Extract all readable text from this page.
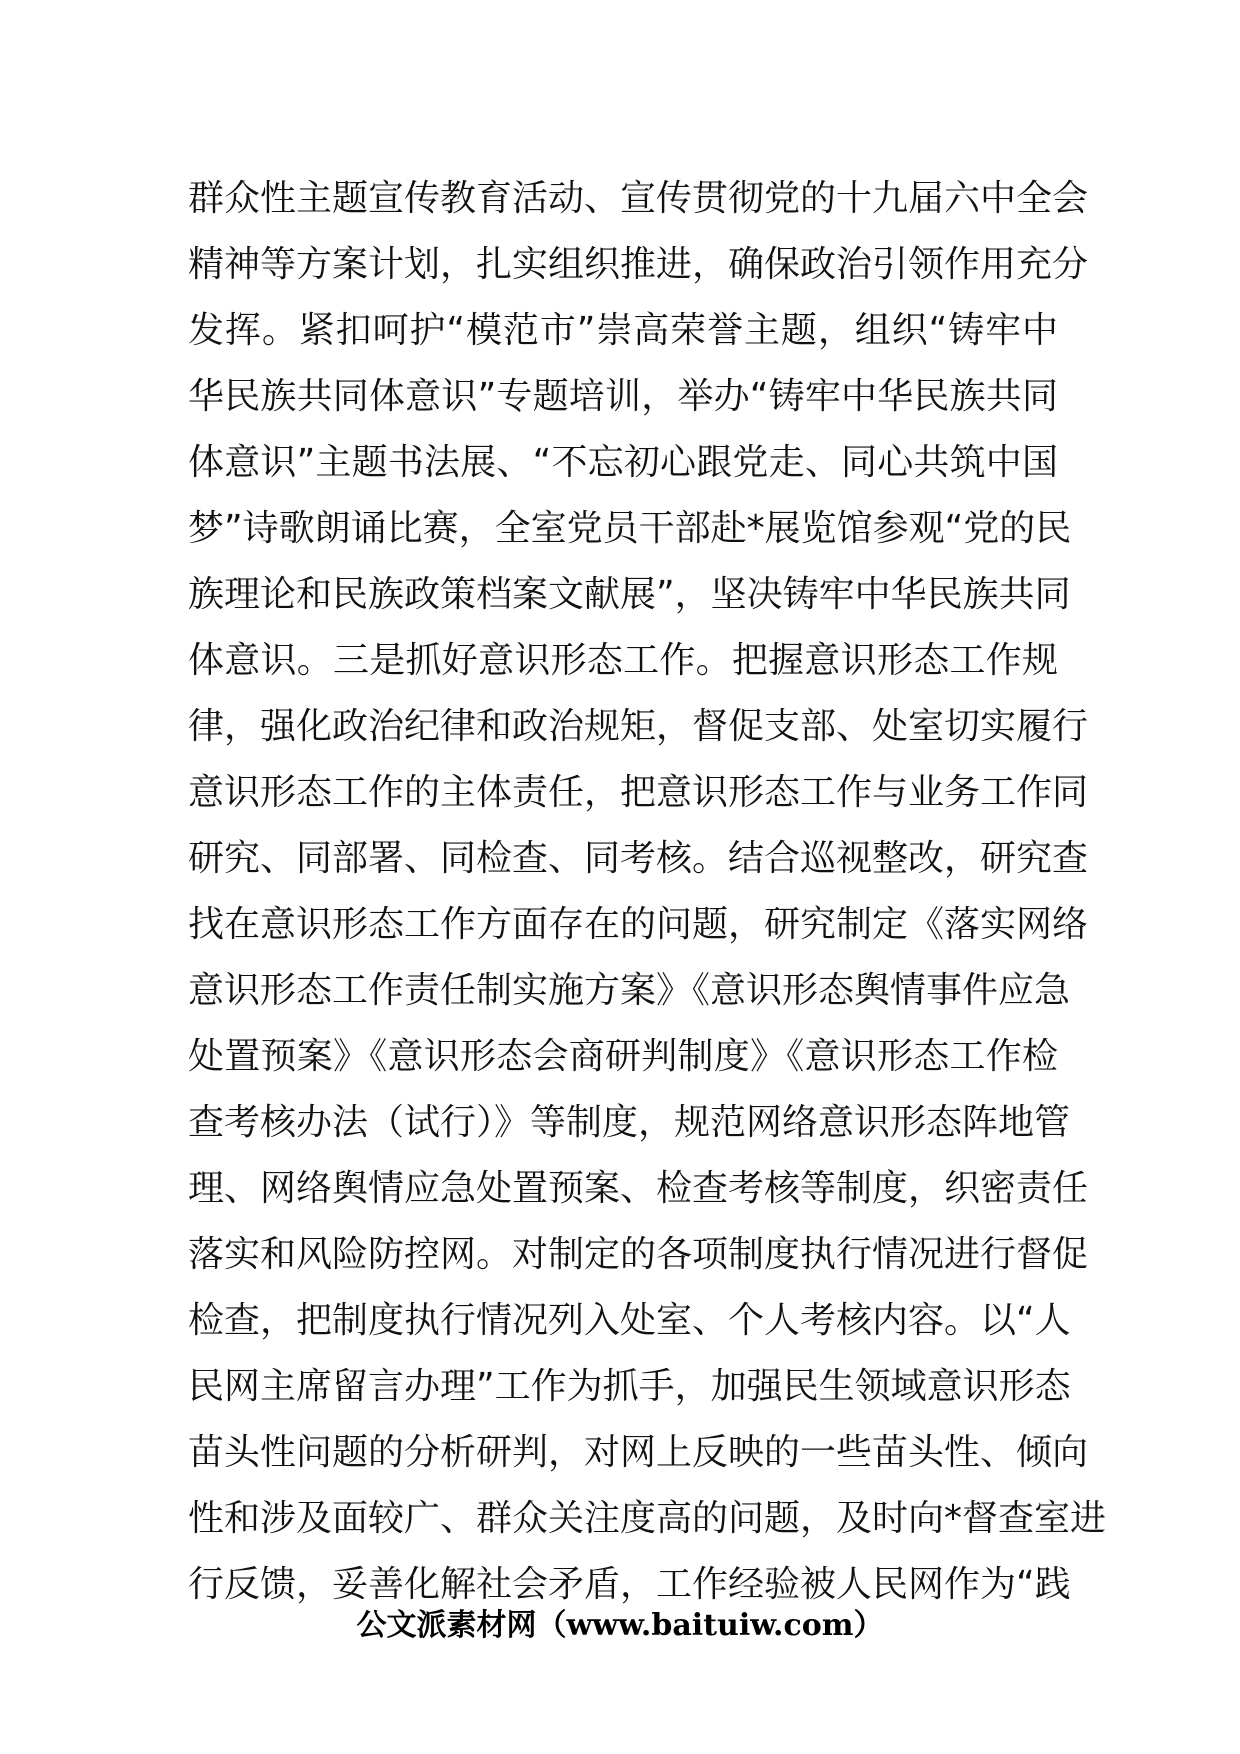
群众性主题宣传教育活动、宣传贯彻党的十九届六中全会
精神等方案计划，扎实组织推进，确保政治引领作用充分
发挥。紧扣呵护“模范市”崇高荣誉主题，组织“铸牢中
华民族共同体意识”专题培训，举办“铸牢中华民族共同
体意识”主题书法展、“不忘初心跟党走、同心共筑中国
梦”诗歌朗诵比赛，全室党员干部赴*展览馆参观“党的民
族理论和民族政策档案文献展”，坚决铸牢中华民族共同
体意识。三是抓好意识形态工作。把握意识形态工作规
律，强化政治纪律和政治规矩，督促支部、处室切实履行
意识形态工作的主体责任，把意识形态工作与业务工作同
研究、同部署、同检查、同考核。结合巡视整改，研究查
找在意识形态工作方面存在的问题，研究制定《落实网络
意识形态工作责任制实施方案》《意识形态舆情事件应急
处置预案》《意识形态会商研判制度》《意识形态工作检
查考核办法（试行）》等制度，规范网络意识形态阵地管
理、网络舆情应急处置预案、检查考核等制度，织密责任
落实和风险防控网。对制定的各项制度执行情况进行督促
检查，把制度执行情况列入处室、个人考核内容。以“人
民网主席留言办理”工作为抓手，加强民生领域意识形态
苗头性问题的分析研判，对网上反映的一些苗头性、倾向
性和涉及面较广、群众关注度高的问题，及时向*督查室进
行反馈，妥善化解社会矛盾，工作经验被人民网作为“践
公文派素材网（www.baituiw.com）
